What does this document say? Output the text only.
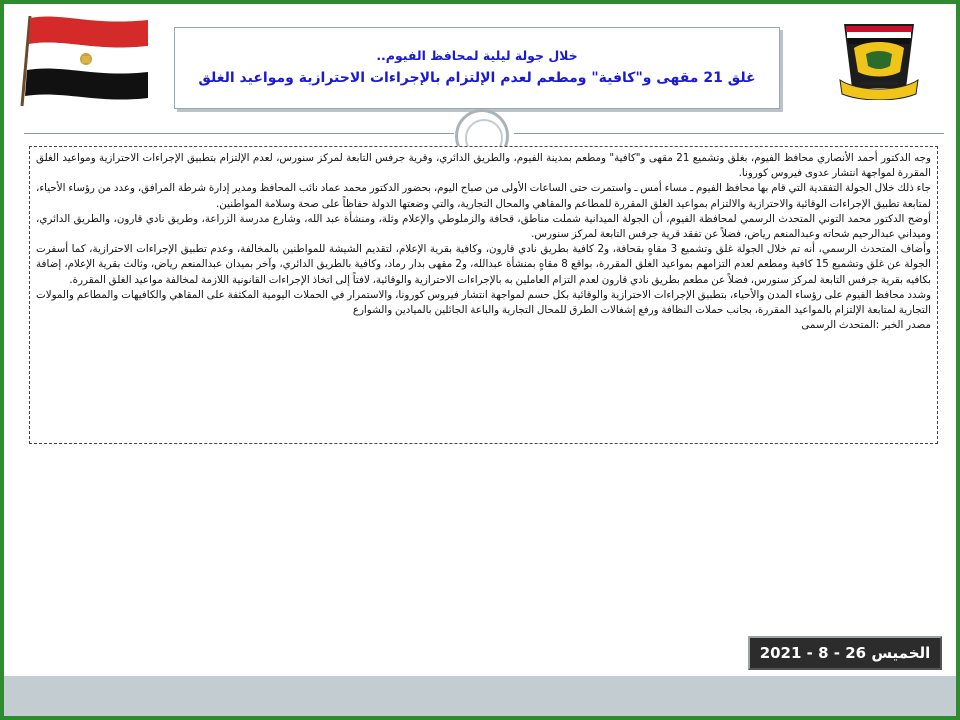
خلال جولة ليلية لمحافظ الفيوم..
غلق 21 مقهى و"كافية" ومطعم لعدم الإلتزام بالإجراءات الاحترازية ومواعيد الغلق

وجه الدكتور أحمد الأنصاري محافظ الفيوم، بغلق وتشميع 21 مقهى و"كافية" ومطعم بمدينة الفيوم، والطريق الدائري، وقرية جرفس التابعة لمركز سنورس، لعدم الإلتزام بتطبيق الإجراءات الاحترازية ومواعيد الغلق المقررة لمواجهة انتشار عدوى فيروس كورونا.

جاء ذلك خلال الجولة التفقدية التي قام بها محافظ الفيوم ـ مساء أمس ـ واستمرت حتى الساعات الأولى من صباح اليوم، بحضور الدكتور محمد عماد نائب المحافظ ومدير إدارة شرطة المرافق، وعدد من رؤساء الأحياء، لمتابعة تطبيق الإجراءات الوقائية والاحترازية والالتزام بمواعيد الغلق المقررة للمطاعم والمقاهي والمحال التجارية، والتي وضعتها الدولة حفاظاً على صحة وسلامة المواطنين.

أوضح الدكتور محمد التوني المتحدث الرسمي لمحافظة الفيوم، أن الجولة الميدانية شملت مناطق، قحافة والزملوطي والإعلام وثلة، ومنشأة عبد الله، وشارع مدرسة الزراعة، وطريق نادي قارون، والطريق الدائري، وميداني عبدالرحيم شحاته وعبدالمنعم رياض، فضلاً عن تفقد قرية جرفس التابعة لمركز سنورس.

وأضاف المتحدث الرسمي، أنه تم خلال الجولة غلق وتشميع 3 مقاهٍ بقحافة، و2 كافية بطريق نادي قارون، وكافية بقرية الإعلام، لتقديم الشيشة للمواطنين بالمخالفة، وعدم تطبيق الإجراءات الاحترازية، كما أسفرت الجولة عن غلق وتشميع 15 كافية ومطعم لعدم التزامهم بمواعيد الغلق المقررة، بواقع 8 مقاهٍ بمنشأة عبدالله، و2 مقهى بدار رماد، وكافية بالطريق الدائري، وآخر بميدان عبدالمنعم رياض، وثالث بقرية الإعلام، إضافة بكافيه بقرية جرفس التابعة لمركز سنورس، فضلاً عن مطعم بطريق نادي قارون لعدم التزام العاملين به بالإجراءات الاحترازية والوقائية، لافتاً إلى اتخاذ الإجراءات القانونية اللازمة لمخالفة مواعيد الغلق المقررة.

وشدد محافظ الفيوم على رؤساء المدن والأحياء، بتطبيق الإجراءات الاحترازية والوقائية بكل حسم لمواجهة انتشار فيروس كورونا، والاستمرار في الحملات اليومية المكثفة على المقاهي والكافيهات والمطاعم والمولات التجارية لمتابعة الإلتزام بالمواعيد المقررة، بجانب حملات النظافة ورفع إشغالات الطرق للمحال التجارية والباعة الجائلين بالميادين والشوارع

مصدر الخبر :المتحدث الرسمى

الخميس 26 - 8 - 2021
